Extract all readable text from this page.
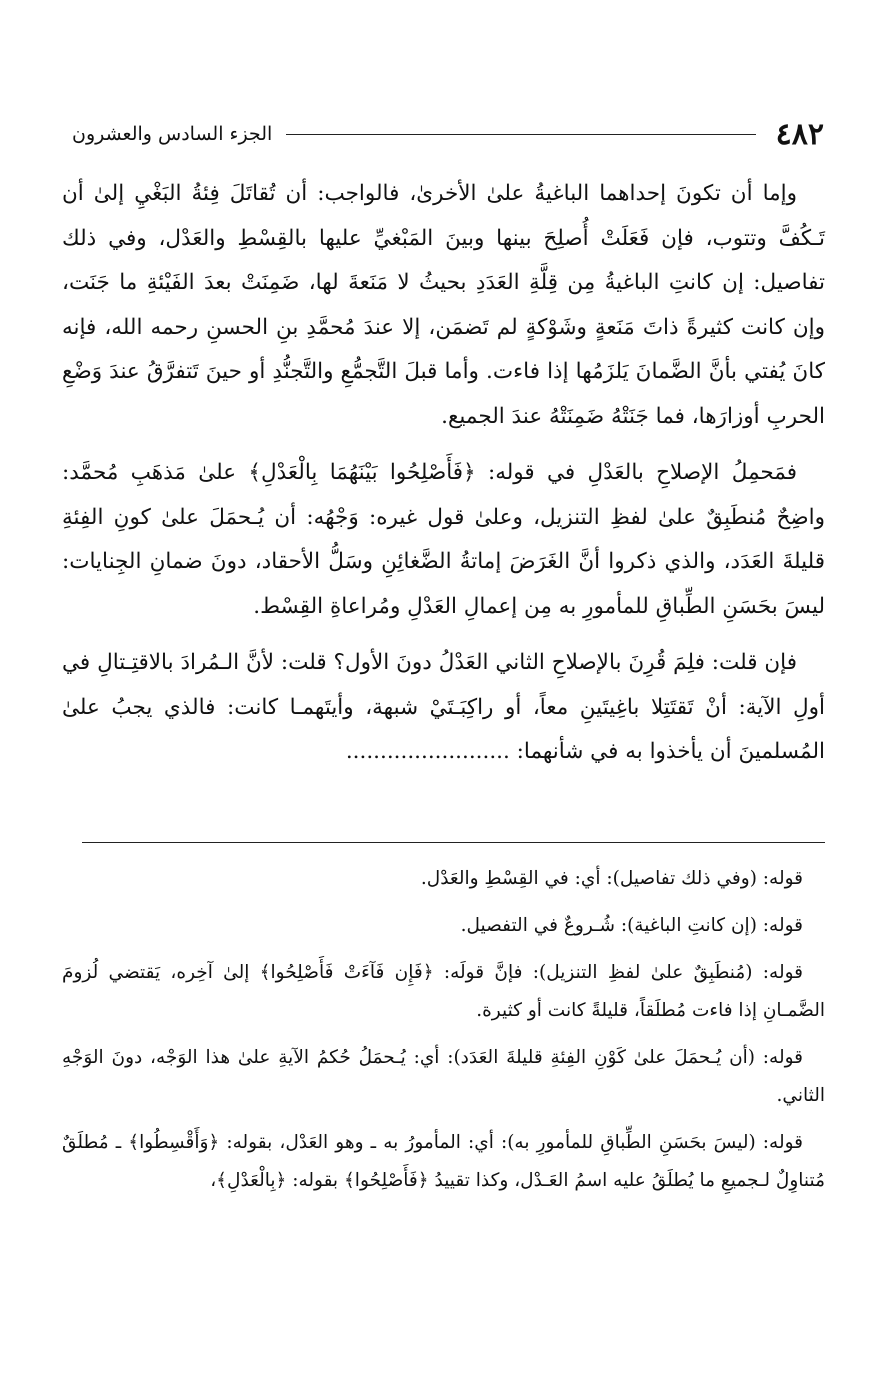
٤٨٢
الجزء السادس والعشرون

وإما أن تكونَ إحداهما الباغيةُ علىٰ الأخرىٰ، فالواجب: أن تُقاتَلَ فِئةُ البَغْيِ إلىٰ أن تَـكُفَّ وتتوب، فإن فَعَلَتْ أُصلِحَ بينها وبينَ المَبْغيِّ عليها بالقِسْطِ والعَدْل، وفي ذلك تفاصيل: إن كانتِ الباغيةُ مِن قِلَّةِ العَدَدِ بحيثُ لا مَنَعةَ لها، ضَمِنَتْ بعدَ الفَيْئةِ ما جَنَت، وإن كانت كثيرةً ذاتَ مَنَعةٍ وشَوْكةٍ لم تَضمَن، إلا عندَ مُحمَّدِ بنِ الحسنِ رحمه الله، فإنه كانَ يُفتي بأنَّ الضَّمانَ يَلزَمُها إذا فاءت. وأما قبلَ التَّجمُّعِ والتَّجنُّدِ أو حينَ تَتفرَّقُ عندَ وَضْعِ الحربِ أوزارَها، فما جَنَتْهُ ضَمِنَتْهُ عندَ الجميع.

فمَحمِلُ الإصلاحِ بالعَدْلِ في قوله: ﴿فَأَصْلِحُوا بَيْنَهُمَا بِالْعَدْلِ﴾ علىٰ مَذهَبِ مُحمَّد: واضِحٌ مُنطَبِقٌ علىٰ لفظِ التنزيل، وعلىٰ قول غيره: وَجْهُه: أن يُـحمَلَ علىٰ كونِ الفِئةِ قليلةَ العَدَد، والذي ذكروا أنَّ الغَرَضَ إماتةُ الضَّغائِنِ وسَلُّ الأحقاد، دونَ ضمانِ الجِنايات: ليسَ بحَسَنِ الطِّباقِ للمأمورِ به مِن إعمالِ العَدْلِ ومُراعاةِ القِسْط.

فإن قلت: فلِمَ قُرِنَ بالإصلاحِ الثاني العَدْلُ دونَ الأول؟ قلت: لأنَّ الـمُرادَ بالاقتِـتالِ في أولِ الآية: أنْ تَقتَتِلا باغِيتَينِ معاً، أو راكِبَـتَيْ شبهة، وأيتَهمـا كانت: فالذي يجبُ علىٰ المُسلمينَ أن يأخذوا به في شأنهما: ........................

قوله: (وفي ذلك تفاصيل): أي: في القِسْطِ والعَدْل.

قوله: (إن كانتِ الباغية): شُـروعٌ في التفصيل.

قوله: (مُنطَبِقٌ علىٰ لفظِ التنزيل): فإنَّ قولَه: ﴿فَإِن فَآءَتْ فَأَصْلِحُوا﴾ إلىٰ آخِره، يَقتضي لُزومَ الضَّمـانِ إذا فاءت مُطلَقاً، قليلةً كانت أو كثيرة.

قوله: (أن يُـحمَلَ علىٰ كَوْنِ الفِئةِ قليلةَ العَدَد): أي: يُـحمَلُ حُكمُ الآيةِ علىٰ هذا الوَجْه، دونَ الوَجْهِ الثاني.

قوله: (ليسَ بحَسَنِ الطِّباقِ للمأمورِ به): أي: المأمورُ به ـ وهو العَدْل، بقوله: ﴿وَأَقْسِطُوا﴾ ـ مُطلَقٌ مُتناوِلٌ لـجميعِ ما يُطلَقُ عليه اسمُ العَـدْل، وكذا تقييدُ ﴿فَأَصْلِحُوا﴾ بقوله: ﴿بِالْعَدْلِ﴾،
